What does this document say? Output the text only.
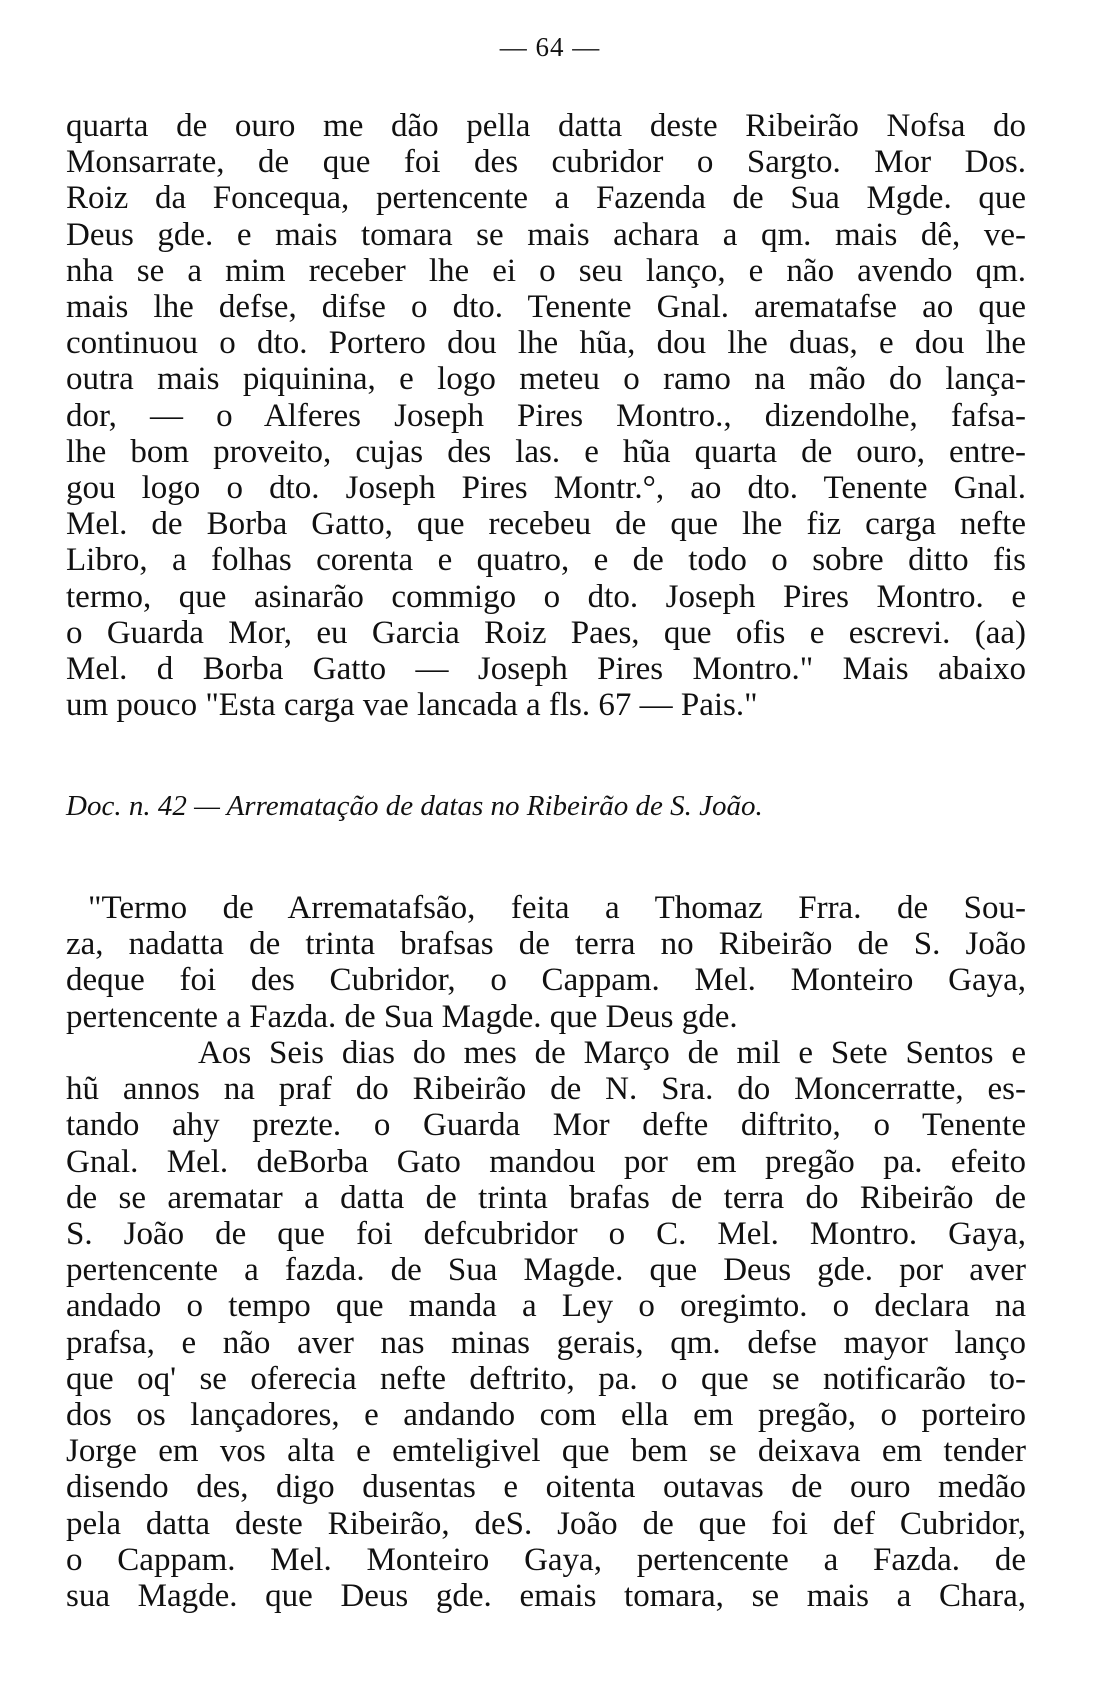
— 64 —
quarta de ouro me dão pella datta deste Ribeirão Nofsa do
Monsarrate, de que foi des cubridor o Sargto. Mor Dos.
Roiz da Foncequa, pertencente a Fazenda de Sua Mgde. que
Deus gde. e mais tomara se mais achara a qm. mais dê, ve-
nha se a mim receber lhe ei o seu lanço, e não avendo qm.
mais lhe defse, difse o dto. Tenente Gnal. arematafse ao que
continuou o dto. Portero dou lhe hũa, dou lhe duas, e dou lhe
outra mais piquinina, e logo meteu o ramo na mão do lança-
dor, — o Alferes Joseph Pires Montro., dizendolhe, fafsa-
lhe bom proveito, cujas des las. e hũa quarta de ouro, entre-
gou logo o dto. Joseph Pires Montr.°, ao dto. Tenente Gnal.
Mel. de Borba Gatto, que recebeu de que lhe fiz carga nefte
Libro, a folhas corenta e quatro, e de todo o sobre ditto fis
termo, que asinarão commigo o dto. Joseph Pires Montro. e
o Guarda Mor, eu Garcia Roiz Paes, que ofis e escrevi. (aa)
Mel. d Borba Gatto — Joseph Pires Montro." Mais abaixo
um pouco "Esta carga vae lancada a fls. 67 — Pais."
Doc. n. 42 — Arrematação de datas no Ribeirão de S. João.
"Termo de Arrematafsão, feita a Thomaz Frra. de Sou-
za, nadatta de trinta brafsas de terra no Ribeirão de S. João
deque foi des Cubridor, o Cappam. Mel. Monteiro Gaya,
pertencente a Fazda. de Sua Magde. que Deus gde.
Aos Seis dias do mes de Março de mil e Sete Sentos e
hũ annos na praf do Ribeirão de N. Sra. do Moncerratte, es-
tando ahy prezte. o Guarda Mor defte diftrito, o Tenente
Gnal. Mel. deBorba Gato mandou por em pregão pa. efeito
de se arematar a datta de trinta brafas de terra do Ribeirão de
S. João de que foi defcubridor o C. Mel. Montro. Gaya,
pertencente a fazda. de Sua Magde. que Deus gde. por aver
andado o tempo que manda a Ley o oregimto. o declara na
prafsa, e não aver nas minas gerais, qm. defse mayor lanço
que oq' se oferecia nefte deftrito, pa. o que se notificarão to-
dos os lançadores, e andando com ella em pregão, o porteiro
Jorge em vos alta e emteligivel que bem se deixava em tender
disendo des, digo dusentas e oitenta outavas de ouro medão
pela datta deste Ribeirão, deS. João de que foi def Cubridor,
o Cappam. Mel. Monteiro Gaya, pertencente a Fazda. de
sua Magde. que Deus gde. emais tomara, se mais a Chara,
